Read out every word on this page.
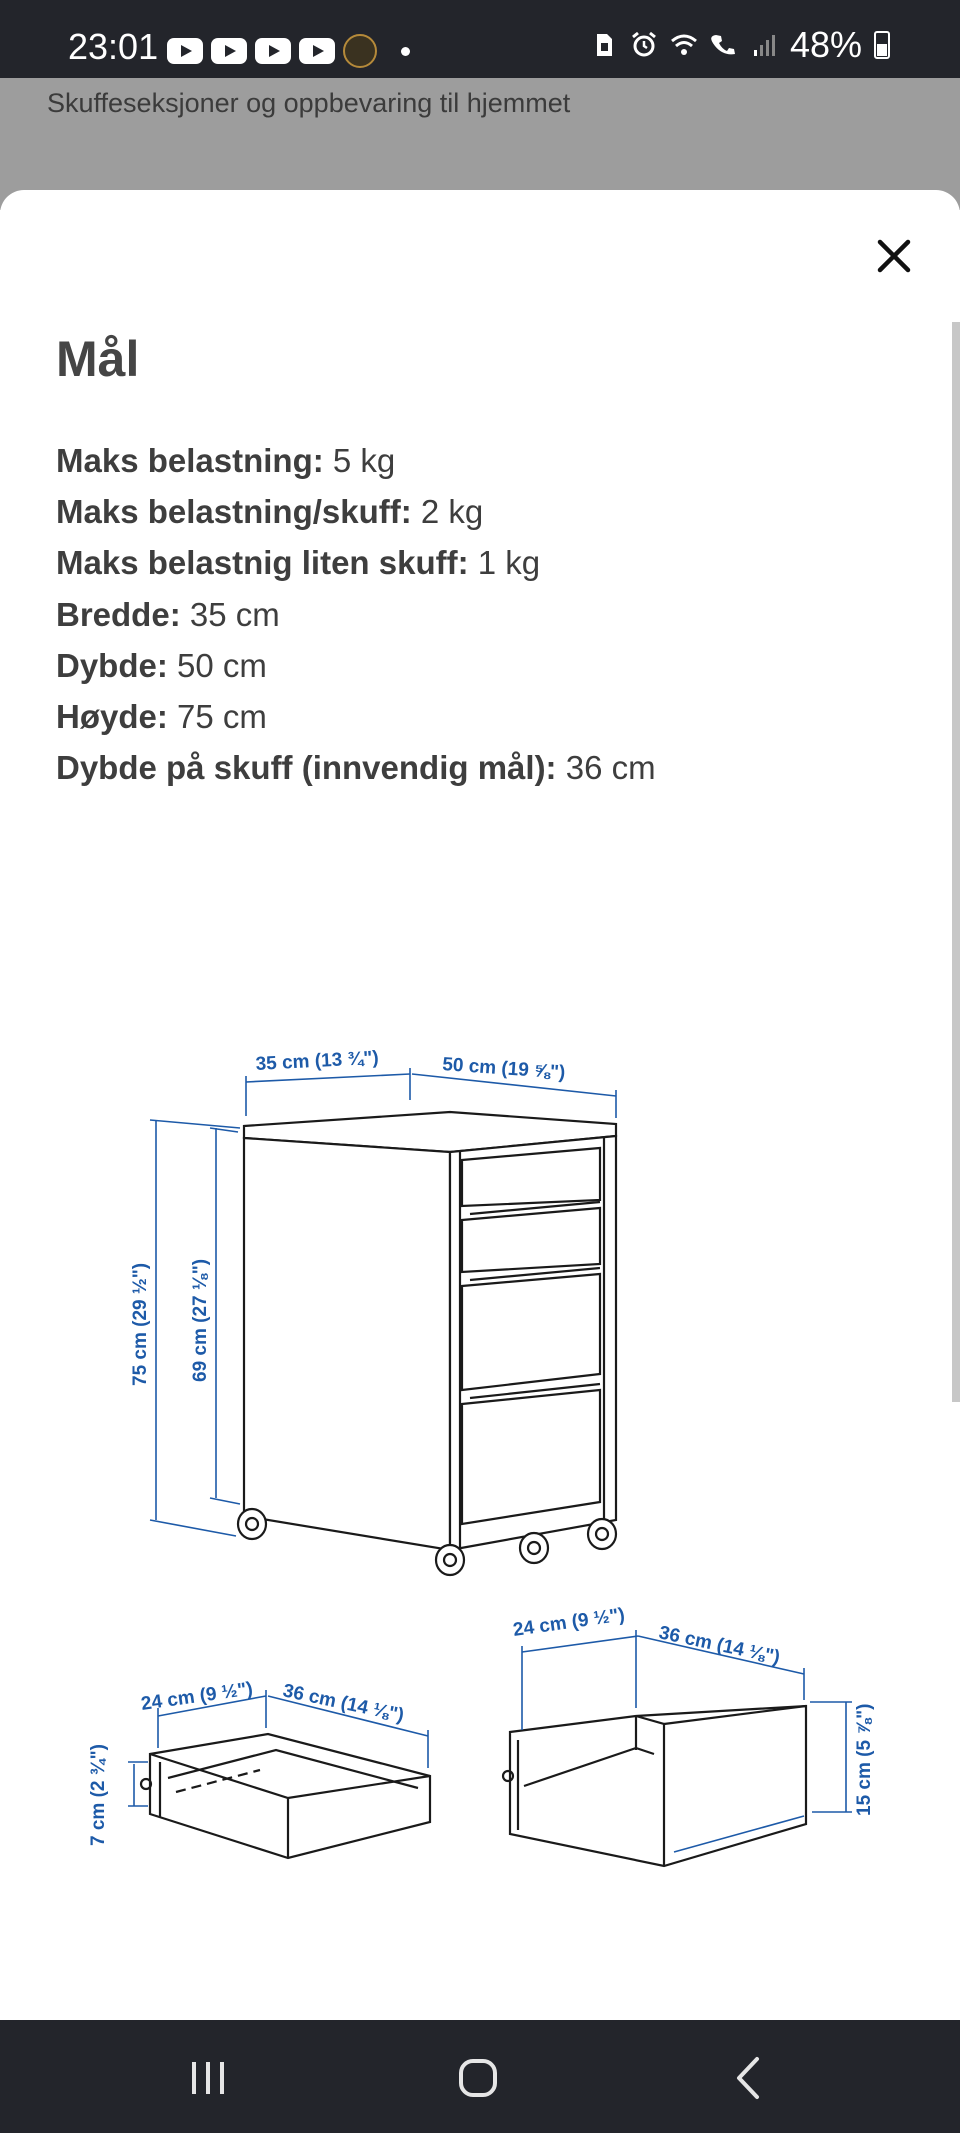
23:01	48%
Skuffeseksjoner og oppbevaring til hjemmet
Mål
Maks belastning: 5 kg
Maks belastning/skuff: 2 kg
Maks belastnig liten skuff: 1 kg
Bredde: 35 cm
Dybde: 50 cm
Høyde: 75 cm
Dybde på skuff (innvendig mål): 36 cm
35 cm (13 ¾")	50 cm (19 ⅝")
75 cm (29 ½") 69 cm (27 ⅛")
24 cm (9 ½") 36 cm (14 ⅛")
7 cm (2 ¾")
24 cm (9 ½") 36 cm (14 ⅛")
15 cm (5 ⅞")
